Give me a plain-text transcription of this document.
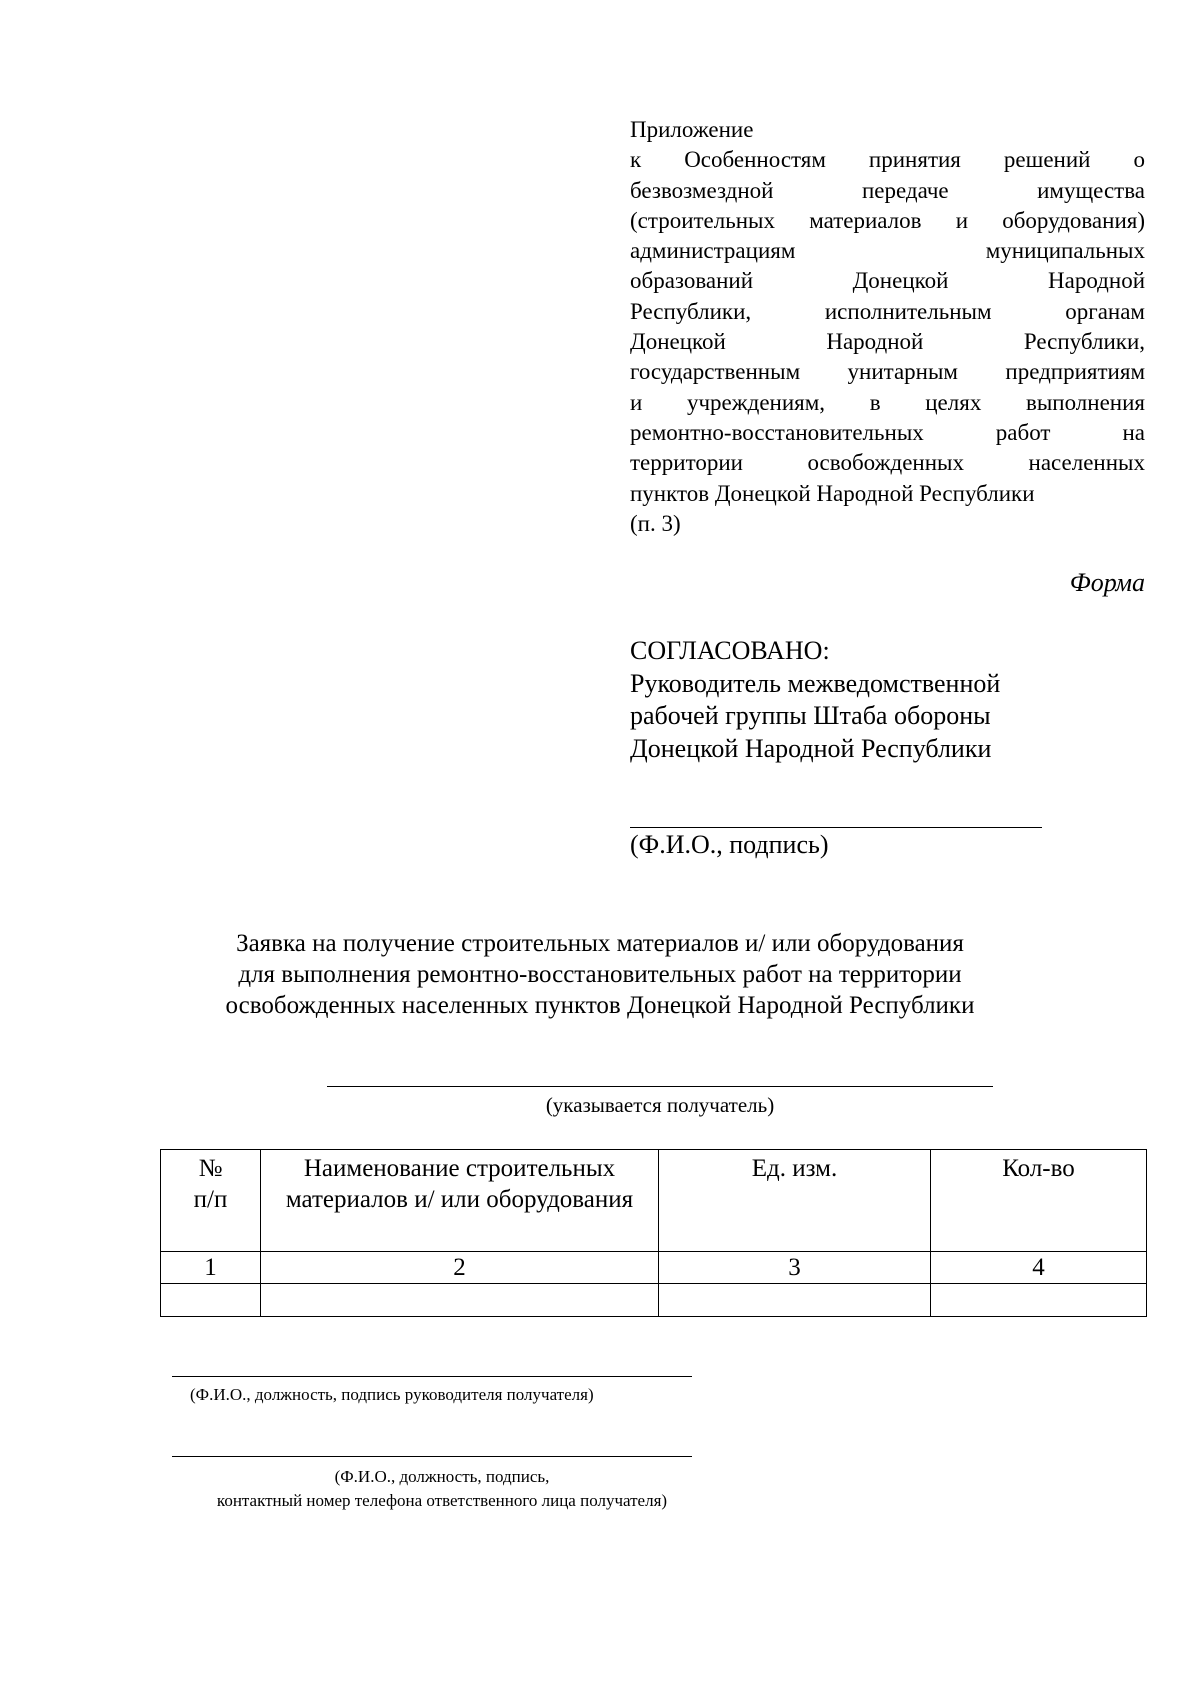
Приложение
к Особенностям принятия решений о
безвозмездной передаче имущества
(строительных материалов и оборудования)
администрациям муниципальных
образований Донецкой Народной
Республики, исполнительным органам
Донецкой Народной Республики,
государственным унитарным предприятиям
и учреждениям, в целях выполнения
ремонтно-восстановительных работ на
территории освобожденных населенных
пунктов Донецкой Народной Республики
(п. 3)
Форма
СОГЛАСОВАНО:
Руководитель межведомственной
рабочей группы Штаба обороны
Донецкой Народной Республики
(Ф.И.О., подпись)
Заявка на получение строительных материалов и/ или оборудования
для выполнения ремонтно-восстановительных работ на территории
освобожденных населенных пунктов Донецкой Народной Республики
(указывается получатель)
№
п/п	Наименование строительных материалов и/ или оборудования	Ед. изм.	Кол-во
1	2	3	4

(Ф.И.О., должность, подпись руководителя получателя)
(Ф.И.О., должность, подпись,
контактный номер телефона ответственного лица получателя)
